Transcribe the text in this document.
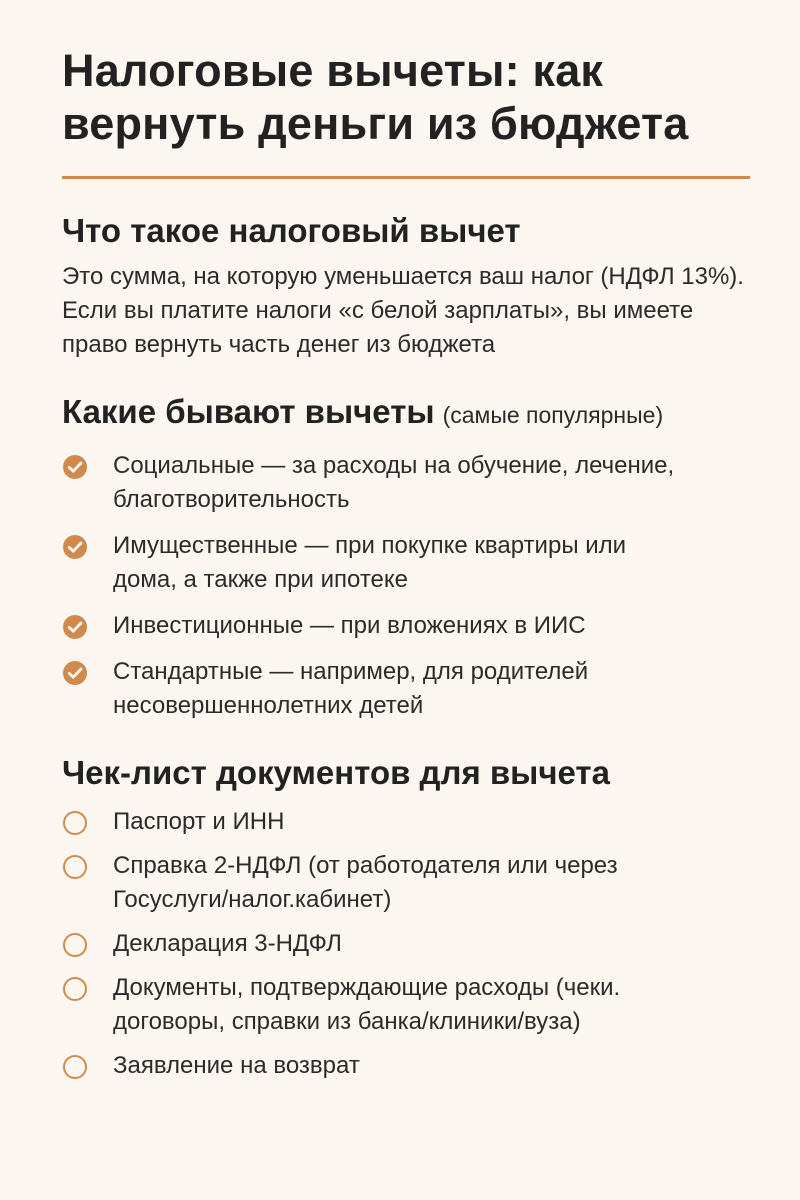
Налоговые вычеты: как вернуть деньги из бюджета
Что такое налоговый вычет

Это сумма, на которую уменьшается ваш налог (НДФЛ 13%). Если вы платите налоги «с белой зарплаты», вы имеете право вернуть часть денег из бюджета

Какие бывают вычеты (самые популярные)
Социальные — за расходы на обучение, лечение, благотворительность
Имущественные — при покупке квартиры или дома, а также при ипотеке
Инвестиционные — при вложениях в ИИС
Стандартные — например, для родителей несовершеннолетних детей
Чек-лист документов для вычета
Паспорт и ИНН
Справка 2-НДФЛ (от работодателя или через Госуслуги/налог.кабинет)
Декларация 3-НДФЛ
Документы, подтверждающие расходы (чеки. договоры, справки из банка/клиники/вуза)
Заявление на возврат
